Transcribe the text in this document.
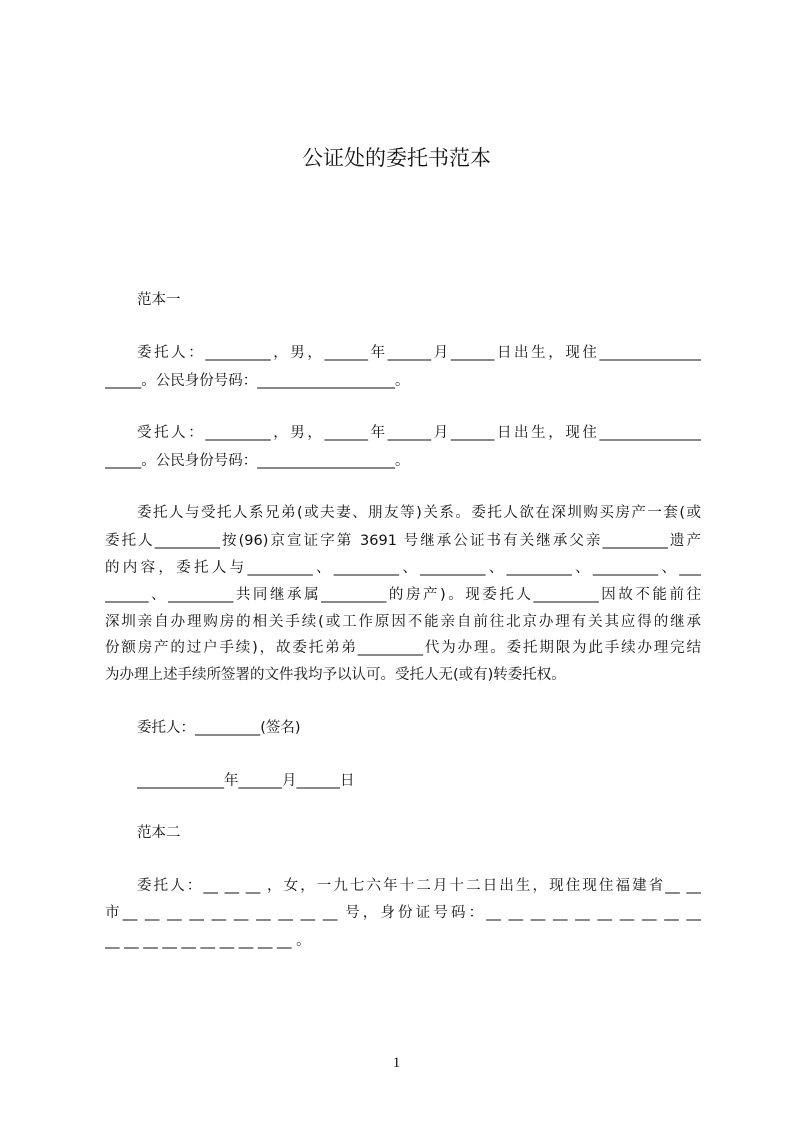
公证处的委托书范本
范本一
委托人：_________，男，______年______月______日出生，现住______________
_____。公民身份号码：___________________。
受托人：_________，男，______年______月______日出生，现住______________
_____。公民身份号码：___________________。
委托人与受托人系兄弟(或夫妻、朋友等)关系。委托人欲在深圳购买房产一套(或
委托人_________按(96)京宣证字第 3691 号继承公证书有关继承父亲_________遗产
的内容，委托人与_________、_________、_________、_________、_________、___
______、_________共同继承属_________的房产)。现委托人_________因故不能前往
深圳亲自办理购房的相关手续(或工作原因不能亲自前往北京办理有关其应得的继承
份额房产的过户手续)，故委托弟弟_________代为办理。委托期限为此手续办理完结
为办理上述手续所签署的文件我均予以认可。受托人无(或有)转委托权。
委托人：_________(签名)
____________年______月______日
范本二
委托人：__ __ __ ，女，一九七六年十二月十二日出生，现住现住福建省__ __
市__ __ __ __ __ __ __ __ __ __ 号，身份证号码：__ __ __ __ __ __ __ __ __ __
__ __ __ __ __ __ __ __ __ __ 。
1
